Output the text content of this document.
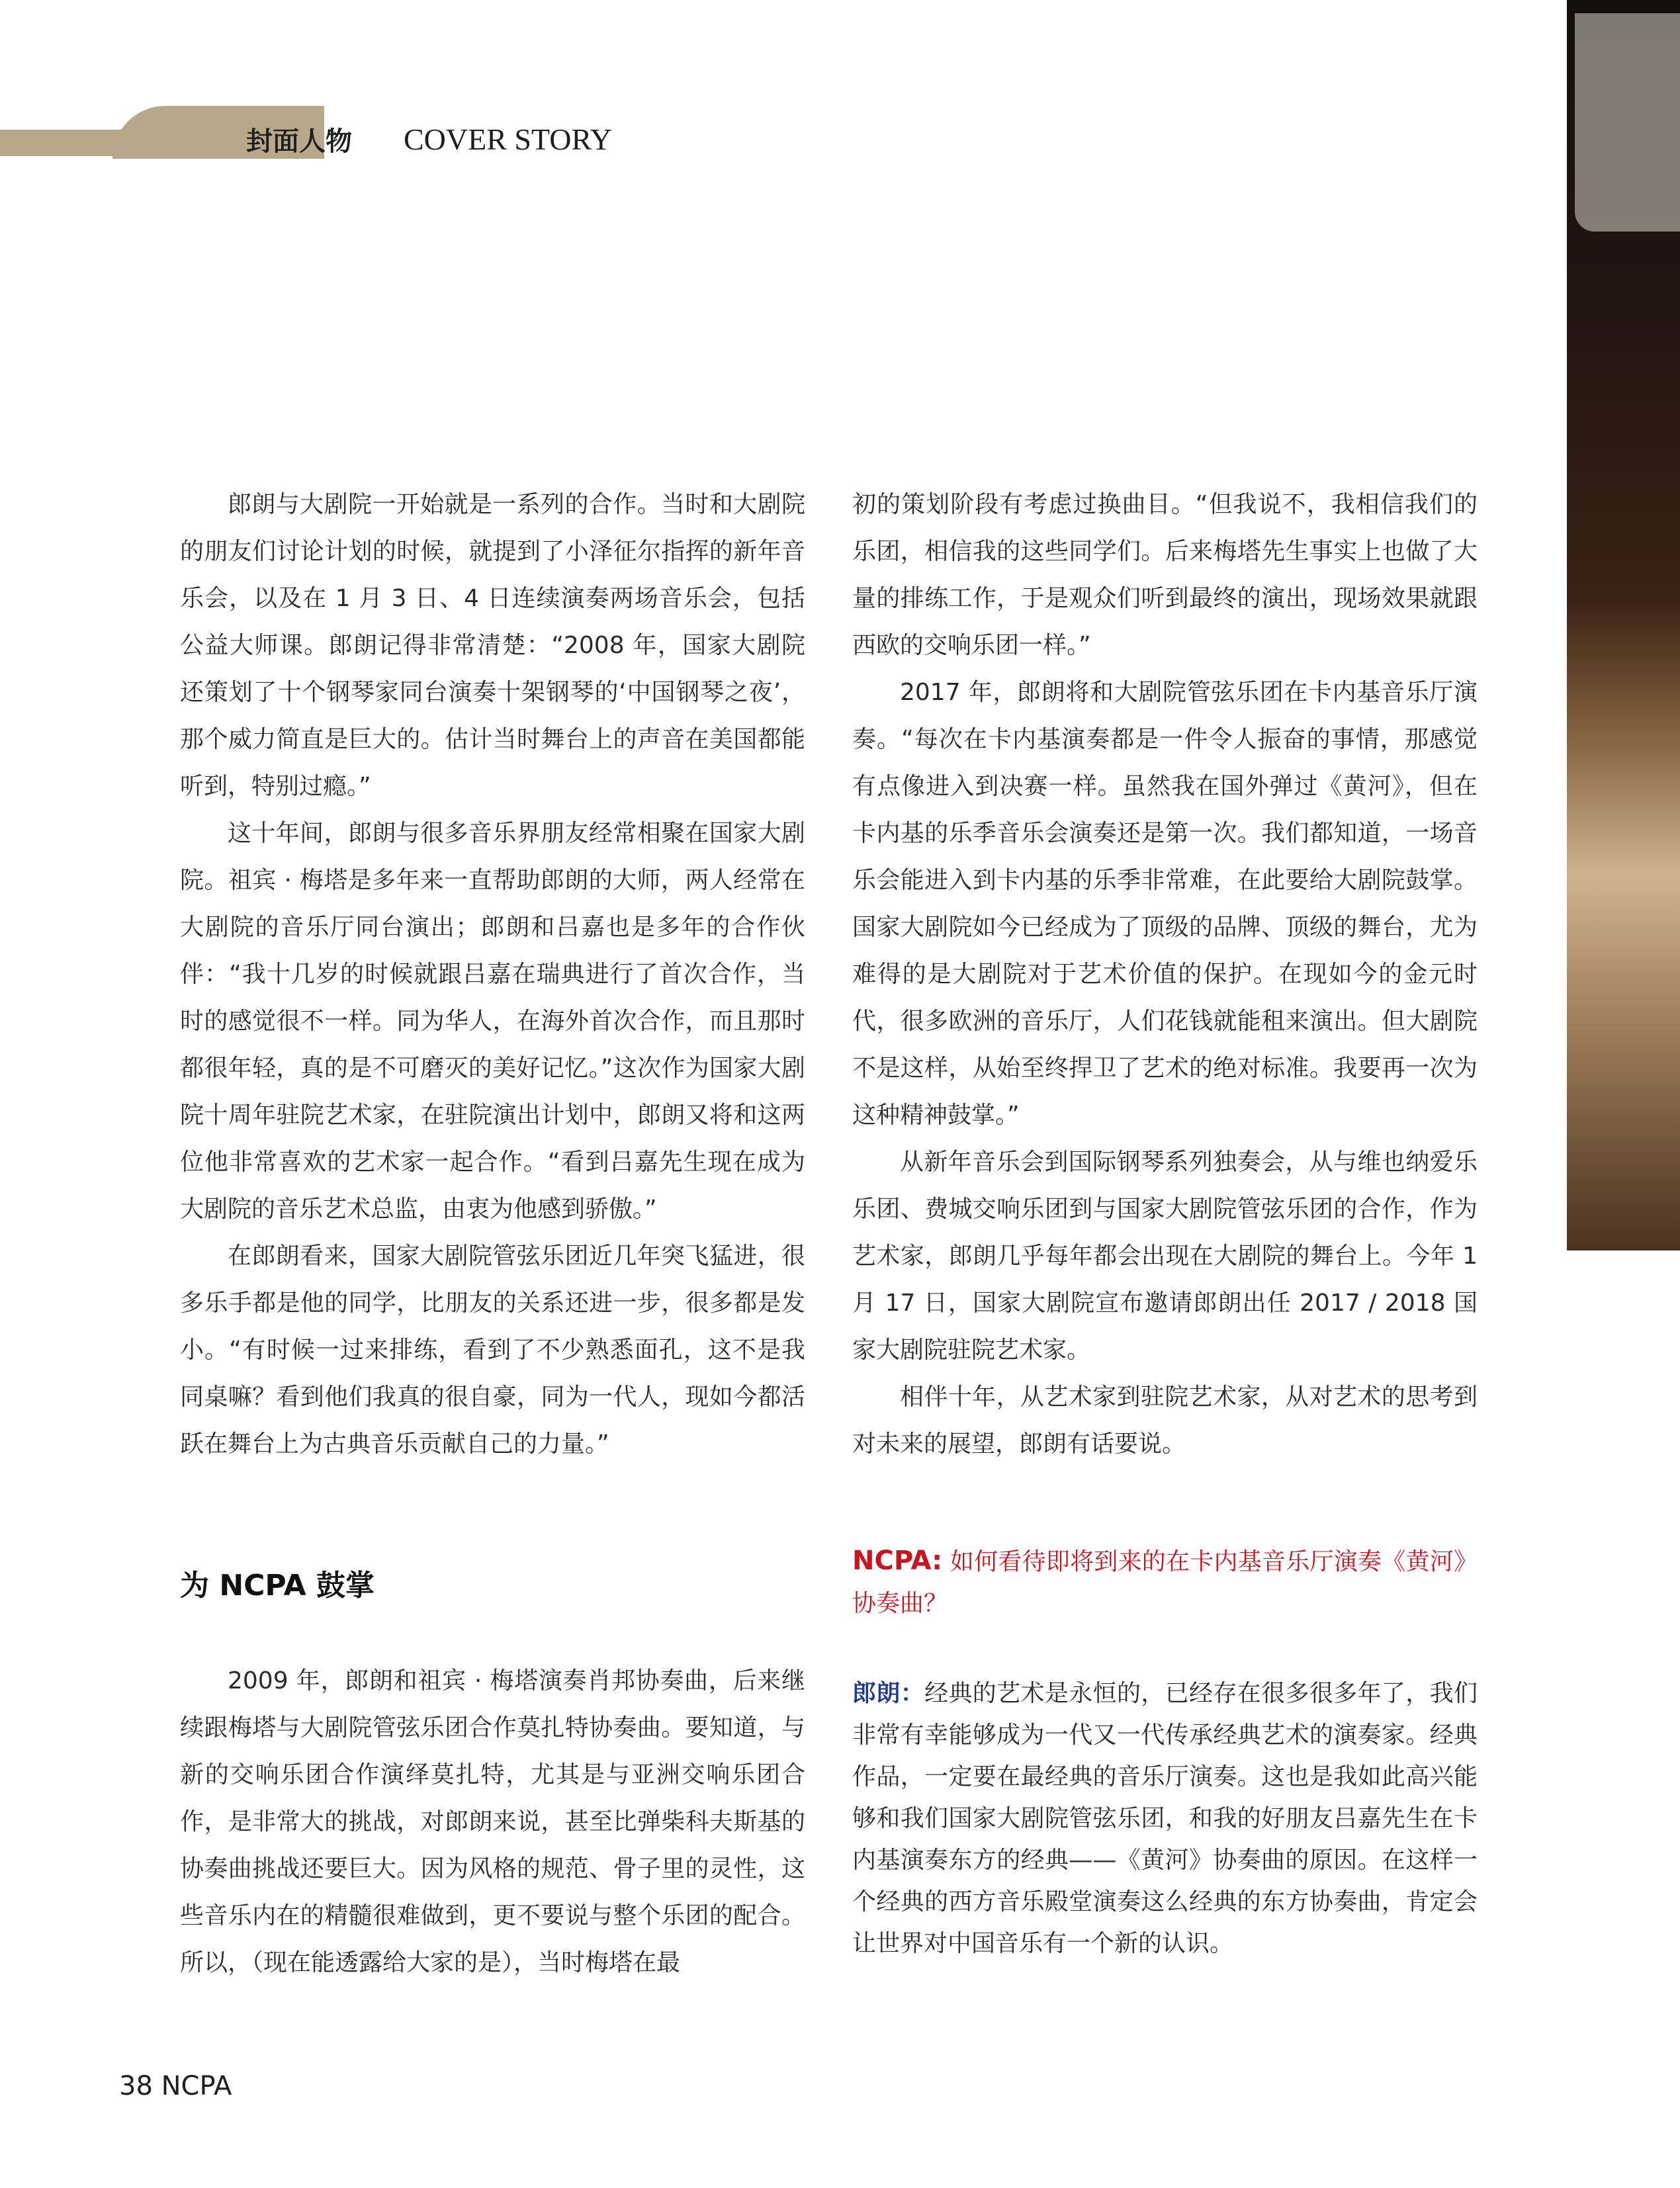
封面人物 COVER STORY

郎朗与大剧院一开始就是一系列的合作。当时和大剧院的朋友们讨论计划的时候，就提到了小泽征尔指挥的新年音乐会，以及在 1 月 3 日、4 日连续演奏两场音乐会，包括公益大师课。郎朗记得非常清楚：“2008 年，国家大剧院还策划了十个钢琴家同台演奏十架钢琴的‘中国钢琴之夜’，那个威力简直是巨大的。估计当时舞台上的声音在美国都能听到，特别过瘾。”

这十年间，郎朗与很多音乐界朋友经常相聚在国家大剧院。祖宾 · 梅塔是多年来一直帮助郎朗的大师，两人经常在大剧院的音乐厅同台演出；郎朗和吕嘉也是多年的合作伙伴：“我十几岁的时候就跟吕嘉在瑞典进行了首次合作，当时的感觉很不一样。同为华人，在海外首次合作，而且那时都很年轻，真的是不可磨灭的美好记忆。”这次作为国家大剧院十周年驻院艺术家，在驻院演出计划中，郎朗又将和这两位他非常喜欢的艺术家一起合作。“看到吕嘉先生现在成为大剧院的音乐艺术总监，由衷为他感到骄傲。”

在郎朗看来，国家大剧院管弦乐团近几年突飞猛进，很多乐手都是他的同学，比朋友的关系还进一步，很多都是发小。“有时候一过来排练，看到了不少熟悉面孔，这不是我同桌嘛？看到他们我真的很自豪，同为一代人，现如今都活跃在舞台上为古典音乐贡献自己的力量。”

为 NCPA 鼓掌

2009 年，郎朗和祖宾 · 梅塔演奏肖邦协奏曲，后来继续跟梅塔与大剧院管弦乐团合作莫扎特协奏曲。要知道，与新的交响乐团合作演绎莫扎特，尤其是与亚洲交响乐团合作，是非常大的挑战，对郎朗来说，甚至比弹柴科夫斯基的协奏曲挑战还要巨大。因为风格的规范、骨子里的灵性，这些音乐内在的精髓很难做到，更不要说与整个乐团的配合。所以，（现在能透露给大家的是），当时梅塔在最

初的策划阶段有考虑过换曲目。“但我说不，我相信我们的乐团，相信我的这些同学们。后来梅塔先生事实上也做了大量的排练工作，于是观众们听到最终的演出，现场效果就跟西欧的交响乐团一样。”

2017 年，郎朗将和大剧院管弦乐团在卡内基音乐厅演奏。“每次在卡内基演奏都是一件令人振奋的事情，那感觉有点像进入到决赛一样。虽然我在国外弹过《黄河》，但在卡内基的乐季音乐会演奏还是第一次。我们都知道，一场音乐会能进入到卡内基的乐季非常难，在此要给大剧院鼓掌。国家大剧院如今已经成为了顶级的品牌、顶级的舞台，尤为难得的是大剧院对于艺术价值的保护。在现如今的金元时代，很多欧洲的音乐厅，人们花钱就能租来演出。但大剧院不是这样，从始至终捍卫了艺术的绝对标准。我要再一次为这种精神鼓掌。”

从新年音乐会到国际钢琴系列独奏会，从与维也纳爱乐乐团、费城交响乐团到与国家大剧院管弦乐团的合作，作为艺术家，郎朗几乎每年都会出现在大剧院的舞台上。今年 1 月 17 日，国家大剧院宣布邀请郎朗出任 2017 / 2018 国家大剧院驻院艺术家。

相伴十年，从艺术家到驻院艺术家，从对艺术的思考到对未来的展望，郎朗有话要说。

NCPA: 如何看待即将到来的在卡内基音乐厅演奏《黄河》协奏曲？
郎朗：经典的艺术是永恒的，已经存在很多很多年了，我们非常有幸能够成为一代又一代传承经典艺术的演奏家。经典作品，一定要在最经典的音乐厅演奏。这也是我如此高兴能够和我们国家大剧院管弦乐团，和我的好朋友吕嘉先生在卡内基演奏东方的经典——《黄河》协奏曲的原因。在这样一个经典的西方音乐殿堂演奏这么经典的东方协奏曲，肯定会让世界对中国音乐有一个新的认识。
38 NCPA
